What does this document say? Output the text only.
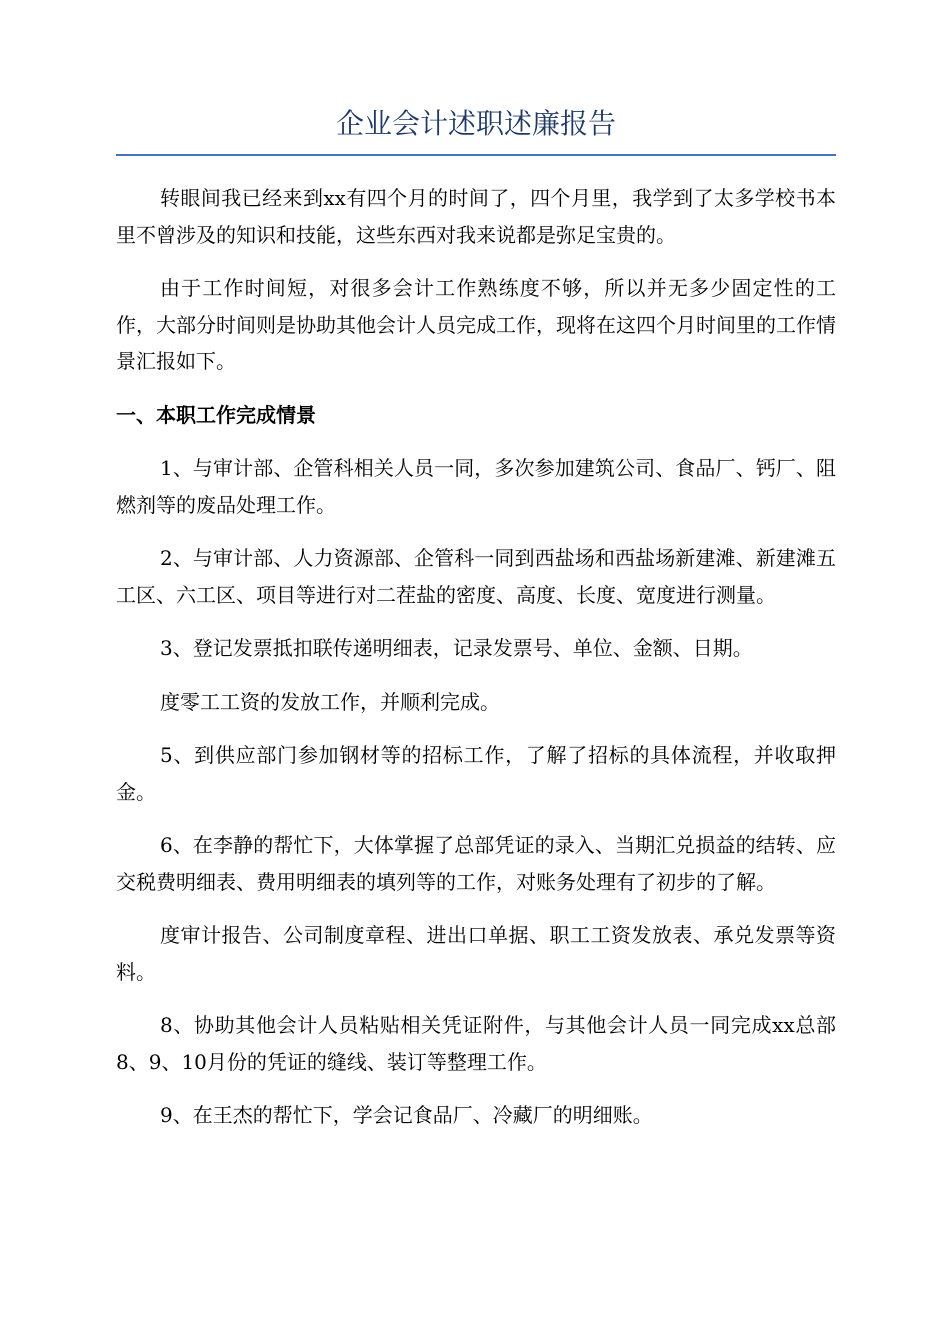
企业会计述职述廉报告

转眼间我已经来到xx有四个月的时间了，四个月里，我学到了太多学校书本里不曾涉及的知识和技能，这些东西对我来说都是弥足宝贵的。

由于工作时间短，对很多会计工作熟练度不够，所以并无多少固定性的工作，大部分时间则是协助其他会计人员完成工作，现将在这四个月时间里的工作情景汇报如下。

一、本职工作完成情景

1、与审计部、企管科相关人员一同，多次参加建筑公司、食品厂、钙厂、阻燃剂等的废品处理工作。

2、与审计部、人力资源部、企管科一同到西盐场和西盐场新建滩、新建滩五工区、六工区、项目等进行对二茬盐的密度、高度、长度、宽度进行测量。

3、登记发票抵扣联传递明细表，记录发票号、单位、金额、日期。

度零工工资的发放工作，并顺利完成。

5、到供应部门参加钢材等的招标工作，了解了招标的具体流程，并收取押金。

6、在李静的帮忙下，大体掌握了总部凭证的录入、当期汇兑损益的结转、应交税费明细表、费用明细表的填列等的工作，对账务处理有了初步的了解。

度审计报告、公司制度章程、进出口单据、职工工资发放表、承兑发票等资料。

8、协助其他会计人员粘贴相关凭证附件，与其他会计人员一同完成xx总部8、9、10月份的凭证的缝线、装订等整理工作。

9、在王杰的帮忙下，学会记食品厂、冷藏厂的明细账。
